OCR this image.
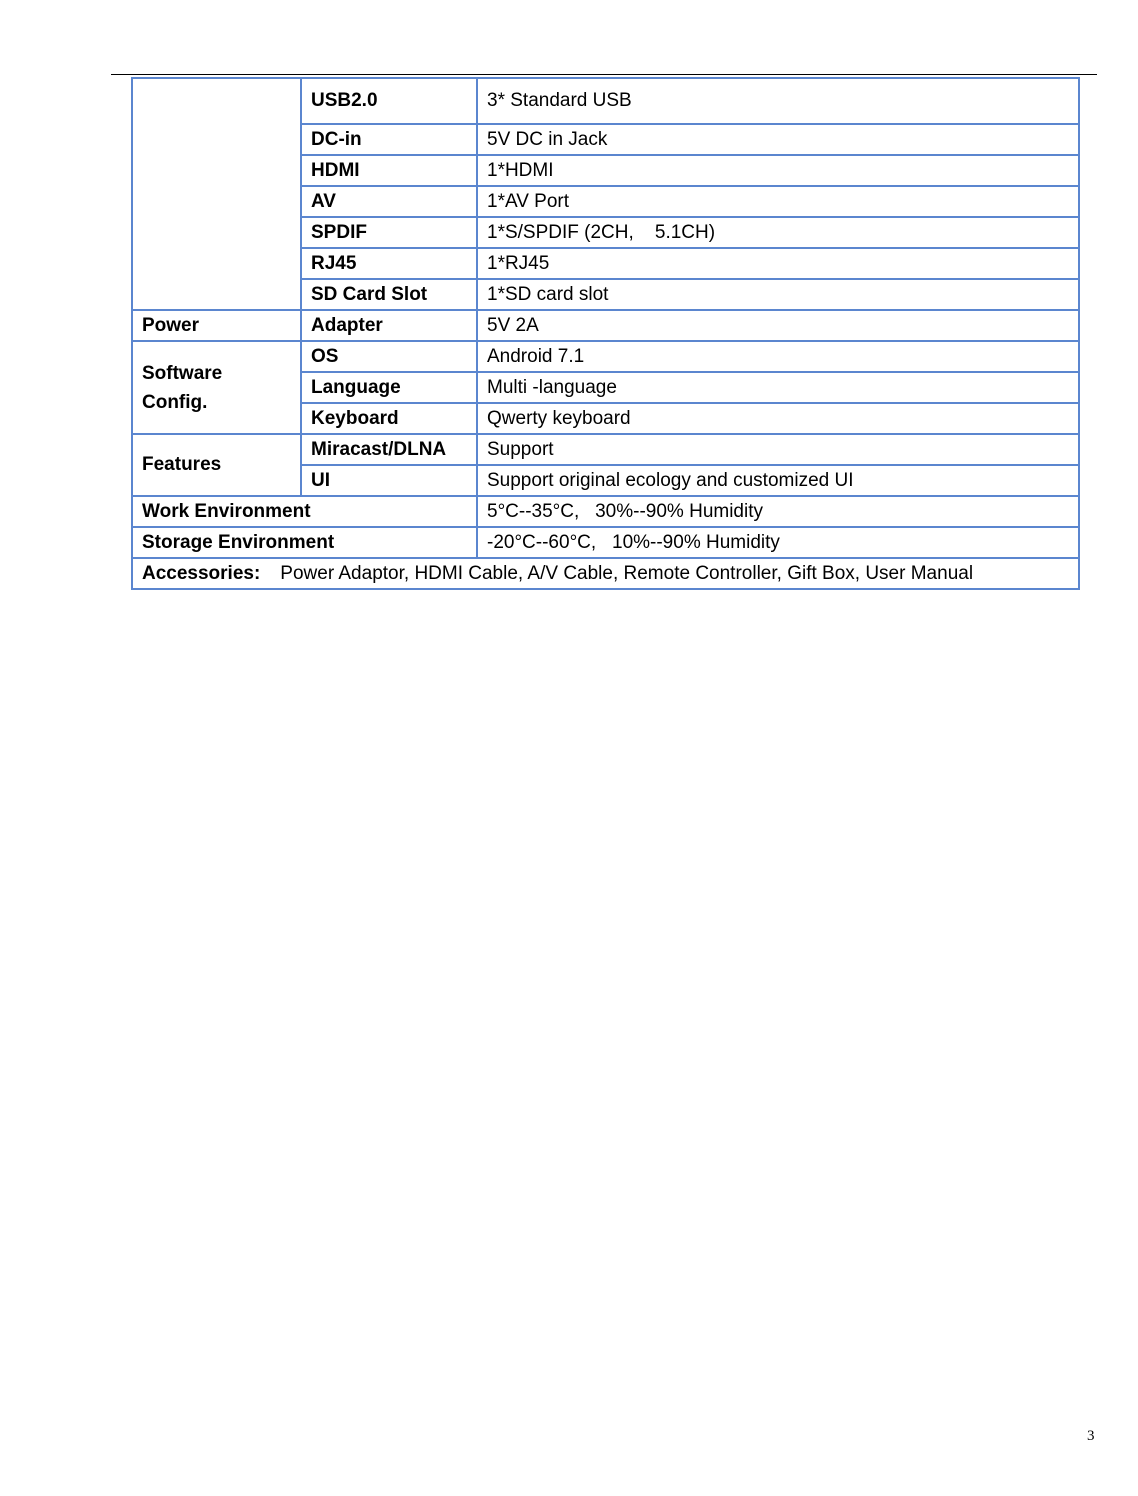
	USB2.0	3* Standard USB
	DC-in	5V DC in Jack
	HDMI	1*HDMI
	AV	1*AV Port
	SPDIF	1*S/SPDIF (2CH,    5.1CH)
	RJ45	1*RJ45
	SD Card Slot	1*SD card slot
Power	Adapter	5V 2A
Software
Config.	OS	Android 7.1
	Language	Multi -language
	Keyboard	Qwerty keyboard
Features	Miracast/DLNA	Support
	UI	Support original ecology and customized UI
Work Environment		5°C--35°C,   30%--90% Humidity
Storage Environment		-20°C--60°C,   10%--90% Humidity
Accessories: Power Adaptor, HDMI Cable, A/V Cable, Remote Controller, Gift Box, User Manual		
3
